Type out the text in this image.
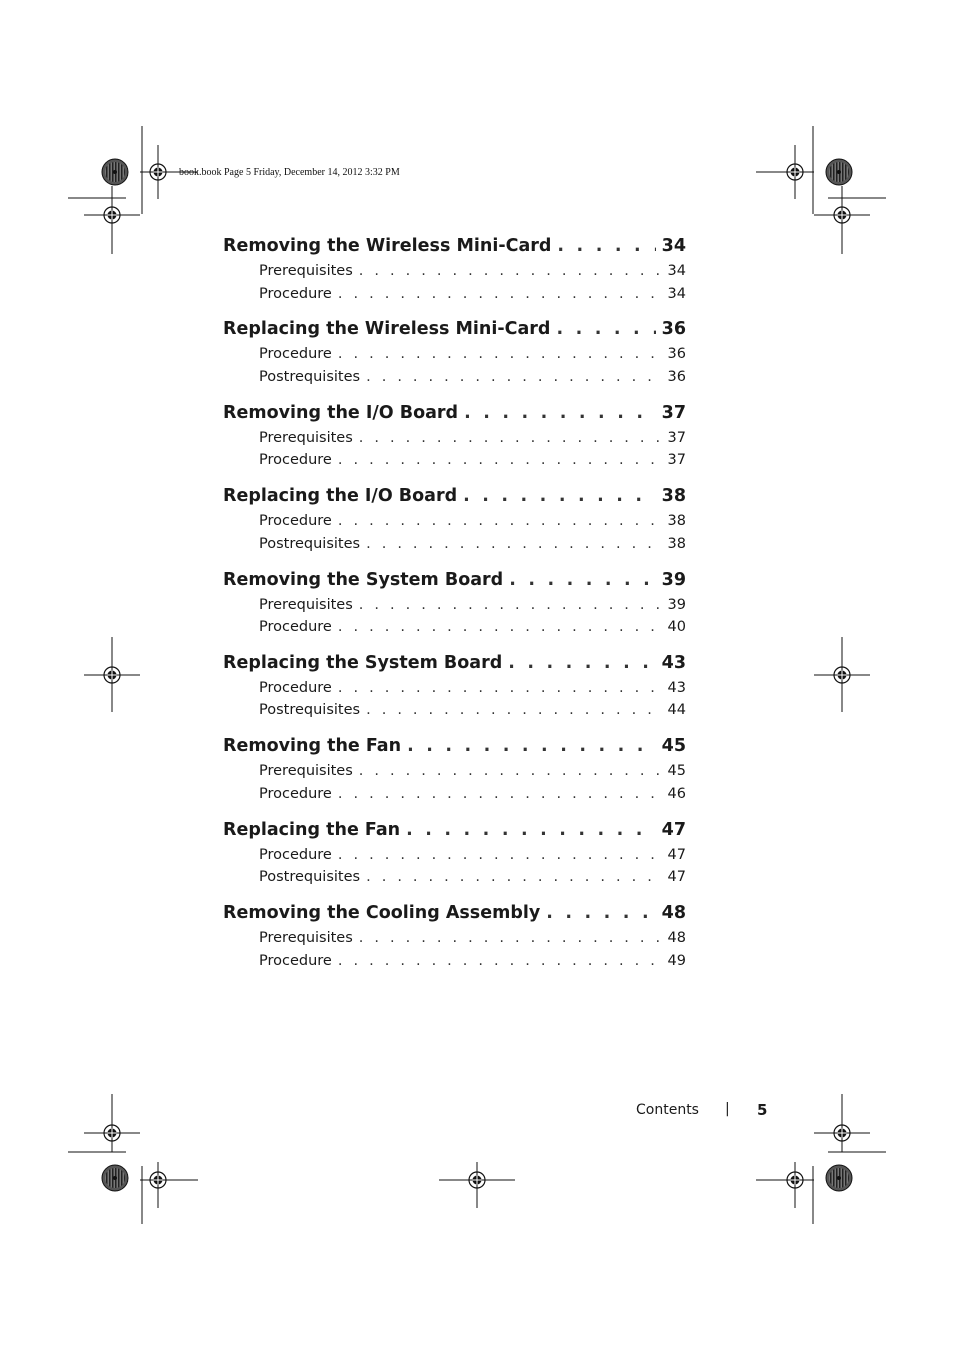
book.book Page 5 Friday, December 14, 2012 3:32 PM
Removing the Wireless Mini-Card . . .	34
Prerequisites . . .	34
Procedure . . .	34
Replacing the Wireless Mini-Card . . .	36
Procedure . . .	36
Postrequisites . . .	36
Removing the I/O Board . . .	37
Prerequisites . . .	37
Procedure . . .	37
Replacing the I/O Board . . .	38
Procedure . . .	38
Postrequisites . . .	38
Removing the System Board . . .	39
Prerequisites . . .	39
Procedure . . .	40
Replacing the System Board . . .	43
Procedure . . .	43
Postrequisites . . .	44
Removing the Fan . . .	45
Prerequisites . . .	45
Procedure . . .	46
Replacing the Fan . . .	47
Procedure . . .	47
Postrequisites . . .	47
Removing the Cooling Assembly . . .	48
Prerequisites . . .	48
Procedure . . .	49
Contents | 5
